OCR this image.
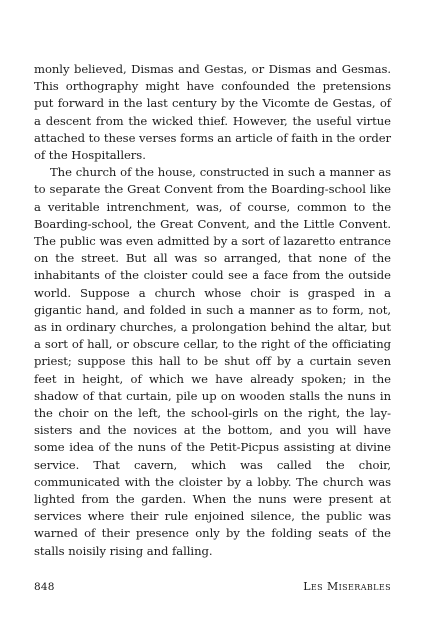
monly believed, Dismas and Gestas, or Dismas and Gesmas. This orthography might have confounded the pretensions put forward in the last century by the Vicomte de Gestas, of a descent from the wicked thief. However, the useful virtue attached to these verses forms an article of faith in the order of the Hospitallers.

The church of the house, constructed in such a manner as to separate the Great Convent from the Boarding-school like a veritable intrenchment, was, of course, common to the Boarding-school, the Great Convent, and the Little Convent. The public was even admitted by a sort of lazaretto entrance on the street. But all was so arranged, that none of the inhabitants of the cloister could see a face from the outside world. Suppose a church whose choir is grasped in a gigantic hand, and folded in such a manner as to form, not, as in ordinary churches, a prolongation behind the altar, but a sort of hall, or obscure cellar, to the right of the officiating priest; suppose this hall to be shut off by a curtain seven feet in height, of which we have already spoken; in the shadow of that curtain, pile up on wooden stalls the nuns in the choir on the left, the school-girls on the right, the lay-sisters and the novices at the bottom, and you will have some idea of the nuns of the Petit-Picpus assisting at divine service. That cavern, which was called the choir, communicated with the cloister by a lobby. The church was lighted from the garden. When the nuns were present at services where their rule enjoined silence, the public was warned of their presence only by the folding seats of the stalls noisily rising and falling.

848	Les Miserables
